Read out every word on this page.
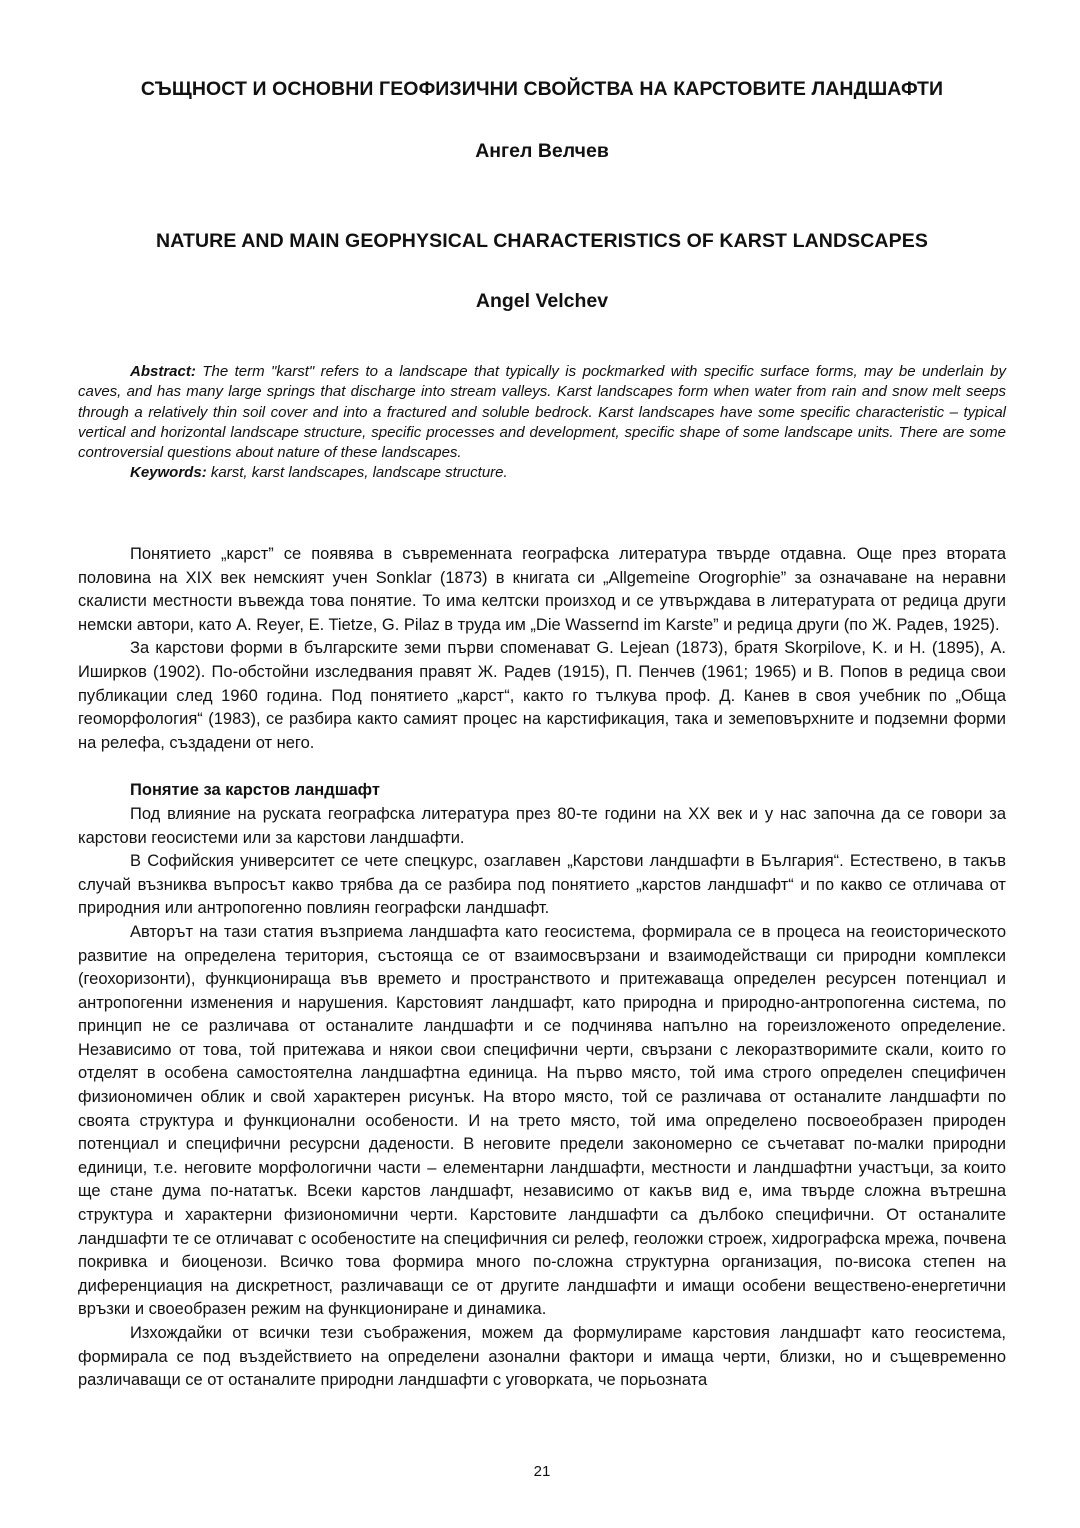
СЪЩНОСТ И ОСНОВНИ ГЕОФИЗИЧНИ СВОЙСТВА НА КАРСТОВИТЕ ЛАНДШАФТИ
Ангел Велчев
NATURE AND MAIN GEOPHYSICAL CHARACTERISTICS OF KARST LANDSCAPES
Angel Velchev

Abstract: The term "karst" refers to a landscape that typically is pockmarked with specific surface forms, may be underlain by caves, and has many large springs that discharge into stream valleys. Karst landscapes form when water from rain and snow melt seeps through a relatively thin soil cover and into a fractured and soluble bedrock. Karst landscapes have some specific characteristic – typical vertical and horizontal landscape structure, specific processes and development, specific shape of some landscape units. There are some controversial questions about nature of these landscapes.

Keywords: karst, karst landscapes, landscape structure.

Понятието „карст” се появява в съвременната географска литература твърде отдавна. Още през втората половина на XIX век немският учен Sonklar (1873) в книгата си „Allgemeine Orogrophie” за означаване на неравни скалисти местности въвежда това понятие. То има келтски произход и се утвърждава в литературата от редица други немски автори, като A. Reyer, E. Tietze, G. Pilaz в труда им „Die Wassernd im Karste” и редица други (по Ж. Радев, 1925).

За карстови форми в българските земи първи споменават G. Lejean (1873), братя Skorpilove, K. и H. (1895), А. Иширков (1902). По-обстойни изследвания правят Ж. Радев (1915), П. Пенчев (1961; 1965) и В. Попов в редица свои публикации след 1960 година. Под понятието „карст“, както го тълкува проф. Д. Канев в своя учебник по „Обща геоморфология“ (1983), се разбира както самият процес на карстификация, така и земеповърхните и подземни форми на релефа, създадени от него.

Понятие за карстов ландшафт

Под влияние на руската географска литература през 80-те години на XX век и у нас започна да се говори за карстови геосистеми или за карстови ландшафти.

В Софийския университет се чете спецкурс, озаглавен „Карстови ландшафти в България“. Естествено, в такъв случай възниква въпросът какво трябва да се разбира под понятието „карстов ландшафт“ и по какво се отличава от природния или антропогенно повлиян географски ландшафт.

Авторът на тази статия възприема ландшафта като геосистема, формирала се в процеса на геоисторическото развитие на определена територия, състояща се от взаимосвързани и взаимодействащи си природни комплекси (геохоризонти), функционираща във времето и пространството и притежаваща определен ресурсен потенциал и антропогенни изменения и нарушения. Карстовият ландшафт, като природна и природно-антропогенна система, по принцип не се различава от останалите ландшафти и се подчинява напълно на гореизложеното определение. Независимо от това, той притежава и някои свои специфични черти, свързани с лекоразтворимите скали, които го отделят в особена самостоятелна ландшафтна единица. На първо място, той има строго определен специфичен физиономичен облик и свой характерен рисунък. На второ място, той се различава от останалите ландшафти по своята структура и функционални особености. И на трето място, той има определено посвоеобразен природен потенциал и специфични ресурсни дадености. В неговите предели закономерно се съчетават по-малки природни единици, т.е. неговите морфологични части – елементарни ландшафти, местности и ландшафтни участъци, за които ще стане дума по-нататък. Всеки карстов ландшафт, независимо от какъв вид е, има твърде сложна вътрешна структура и характерни физиономични черти. Карстовите ландшафти са дълбоко специфични. От останалите ландшафти те се отличават с особеностите на специфичния си релеф, геоложки строеж, хидрографска мрежа, почвена покривка и биоценози. Всичко това формира много по-сложна структурна организация, по-висока степен на диференциация на дискретност, различаващи се от другите ландшафти и имащи особени веществено-енергетични връзки и своеобразен режим на функциониране и динамика.

Изхождайки от всички тези съображения, можем да формулираме карстовия ландшафт като геосистема, формирала се под въздействието на определени азонални фактори и имаща черти, близки, но и същевременно различаващи се от останалите природни ландшафти с уговорката, че порьозната

21
